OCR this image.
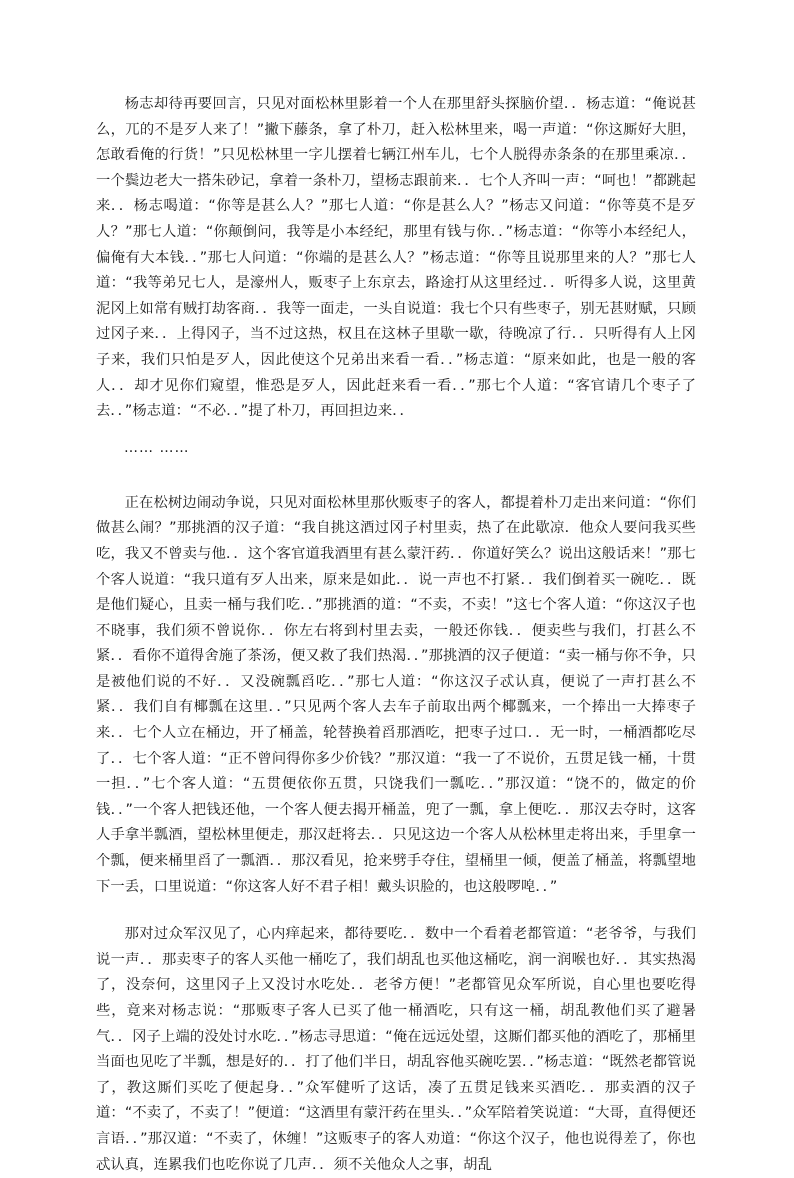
杨志却待再要回言，只见对面松林里影着一个人在那里舒头探脑价望．．杨志道：“俺说甚么，兀的不是歹人来了！”撇下藤条，拿了朴刀，赶入松林里来，喝一声道：“你这厮好大胆，怎敢看俺的行货！”只见松林里一字儿摆着七辆江州车儿，七个人脱得赤条条的在那里乘凉．．一个鬓边老大一搭朱砂记，拿着一条朴刀，望杨志跟前来．．七个人齐叫一声：“呵也！”都跳起来．．杨志喝道：“你等是甚么人？”那七人道：“你是甚么人？”杨志又问道：“你等莫不是歹人？”那七人道：“你颠倒问，我等是小本经纪，那里有钱与你．．”杨志道：“你等小本经纪人，偏俺有大本钱．．”那七人问道：“你端的是甚么人？”杨志道：“你等且说那里来的人？”那七人道：“我等弟兄七人，是濠州人，贩枣子上东京去，路途打从这里经过．．听得多人说，这里黄泥冈上如常有贼打劫客商．．我等一面走，一头自说道：我七个只有些枣子，别无甚财赋，只顾过冈子来．．上得冈子，当不过这热，权且在这林子里歇一歇，待晚凉了行．．只听得有人上冈子来，我们只怕是歹人，因此使这个兄弟出来看一看．．”杨志道：“原来如此，也是一般的客人．．却才见你们窥望，惟恐是歹人，因此赶来看一看．．”那七个人道：“客官请几个枣子了去．．”杨志道：“不必．．”提了朴刀，再回担边来．．

…… ……

正在松树边闹动争说，只见对面松林里那伙贩枣子的客人，都提着朴刀走出来问道：“你们做甚么闹？”那挑酒的汉子道：“我自挑这酒过冈子村里卖，热了在此歇凉．他众人要问我买些吃，我又不曾卖与他．．这个客官道我酒里有甚么蒙汗药．．你道好笑么？说出这般话来！”那七个客人说道：“我只道有歹人出来，原来是如此．．说一声也不打紧．．我们倒着买一碗吃．．既是他们疑心，且卖一桶与我们吃．．”那挑酒的道：“不卖，不卖！”这七个客人道：“你这汉子也不晓事，我们须不曾说你．．你左右将到村里去卖，一般还你钱．．便卖些与我们，打甚么不紧．．看你不道得舍施了茶汤，便又救了我们热渴．．”那挑酒的汉子便道：“卖一桶与你不争，只是被他们说的不好．．又没碗瓢舀吃．．”那七人道：“你这汉子忒认真，便说了一声打甚么不紧．．我们自有椰瓢在这里．．”只见两个客人去车子前取出两个椰瓢来，一个捧出一大捧枣子来．．七个人立在桶边，开了桶盖，轮替换着舀那酒吃，把枣子过口．．无一时，一桶酒都吃尽了．．七个客人道：“正不曾问得你多少价钱？”那汉道：“我一了不说价，五贯足钱一桶，十贯一担．．”七个客人道：“五贯便依你五贯，只饶我们一瓢吃．．”那汉道：“饶不的，做定的价钱．．”一个客人把钱还他，一个客人便去揭开桶盖，兜了一瓢，拿上便吃．．那汉去夺时，这客人手拿半瓢酒，望松林里便走，那汉赶将去．．只见这边一个客人从松林里走将出来，手里拿一个瓢，便来桶里舀了一瓢酒．．那汉看见，抢来劈手夺住，望桶里一倾，便盖了桶盖，将瓢望地下一丢，口里说道：“你这客人好不君子相！戴头识脸的，也这般啰唣．．”

那对过众军汉见了，心内痒起来，都待要吃．．数中一个看着老都管道：“老爷爷，与我们说一声．．那卖枣子的客人买他一桶吃了，我们胡乱也买他这桶吃，润一润喉也好．．其实热渴了，没奈何，这里冈子上又没讨水吃处．．老爷方便！”老都管见众军所说，自心里也要吃得些，竟来对杨志说：“那贩枣子客人已买了他一桶酒吃，只有这一桶，胡乱教他们买了避暑气．．冈子上端的没处讨水吃．．”杨志寻思道：“俺在远远处望，这厮们都买他的酒吃了，那桶里当面也见吃了半瓢，想是好的．．打了他们半日，胡乱容他买碗吃罢．．”杨志道：“既然老都管说了，教这厮们买吃了便起身．．”众军健听了这话，凑了五贯足钱来买酒吃．．那卖酒的汉子道：“不卖了，不卖了！”便道：“这酒里有蒙汗药在里头．．”众军陪着笑说道：“大哥，直得便还言语．．”那汉道：“不卖了，休缠！”这贩枣子的客人劝道：“你这个汉子，他也说得差了，你也忒认真，连累我们也吃你说了几声．．须不关他众人之事，胡乱
